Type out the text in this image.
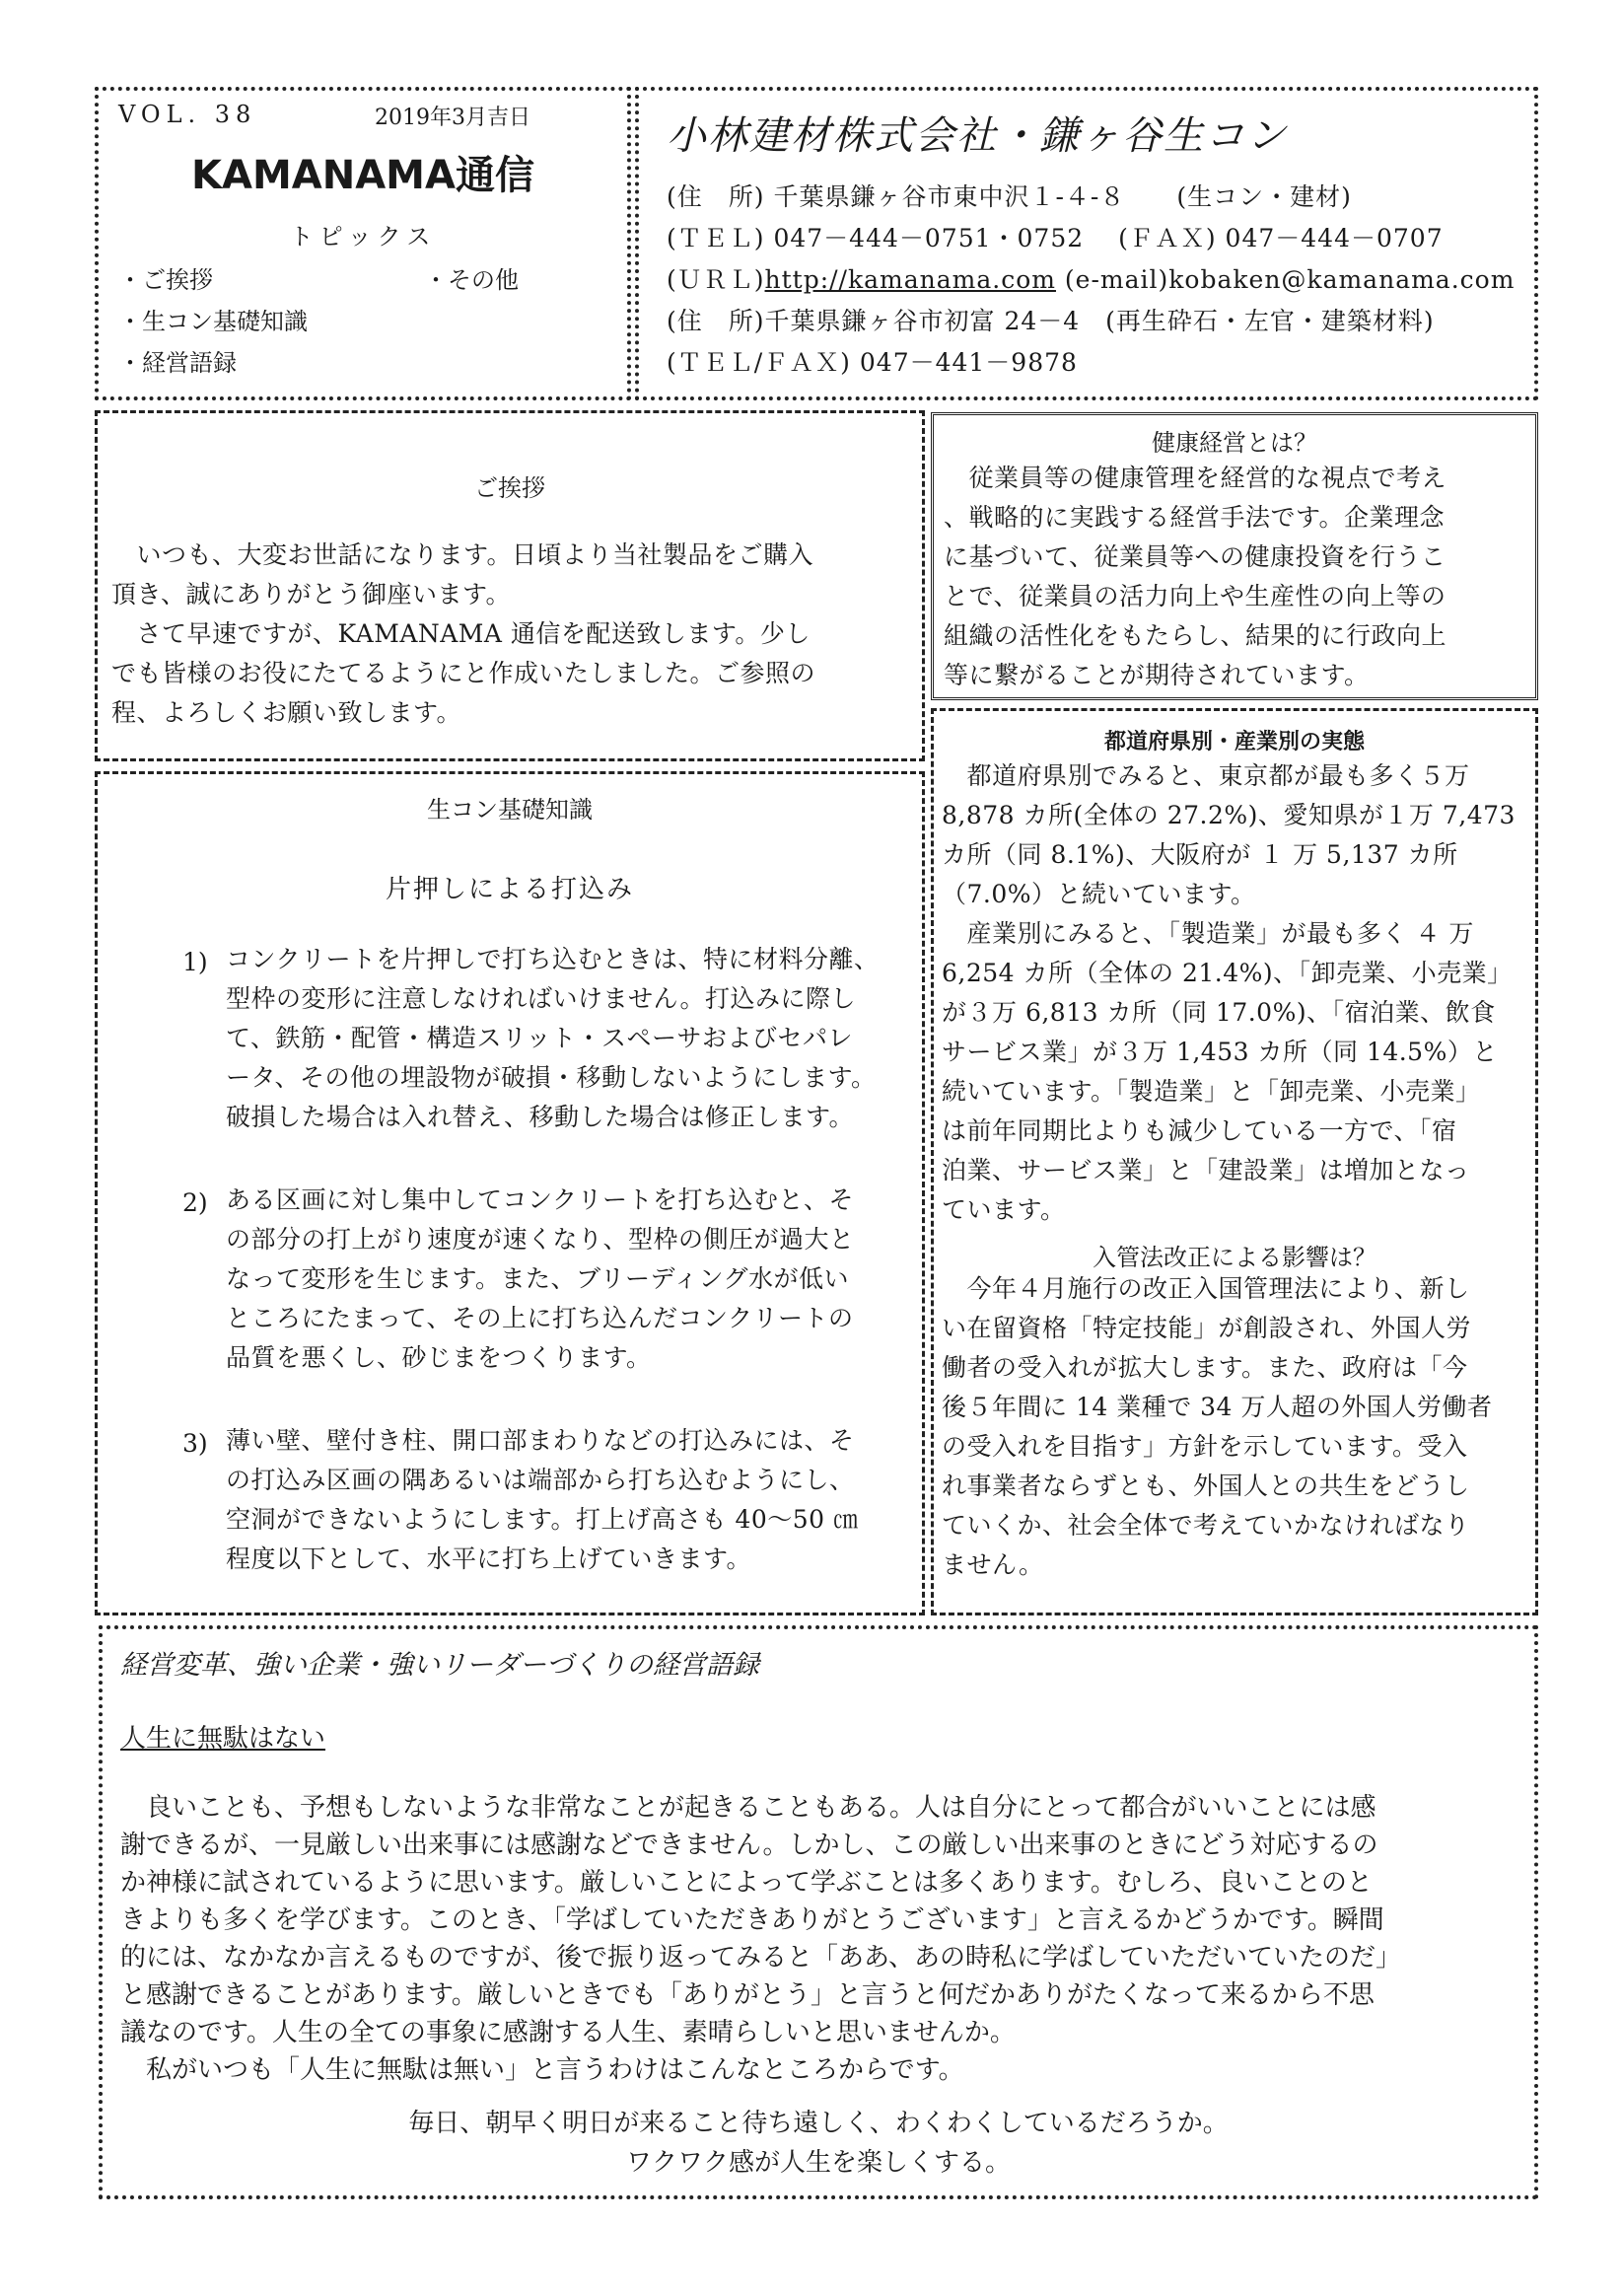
VOL. 38	2019年3月吉日
KAMANAMA通信
トピックス
・ご挨拶	・その他
・生コン基礎知識
・経営語録
小林建材株式会社・鎌ヶ谷生コン
(住　所) 千葉県鎌ヶ谷市東中沢１-４-８　　(生コン・建材)
(ＴＥＬ) 047－444－0751・0752　 (ＦＡＸ) 047－444－0707
(ＵＲＬ)http://kamanama.com (e-mail)kobaken@kamanama.com
(住　所)千葉県鎌ヶ谷市初富 24－4　(再生砕石・左官・建築材料)
(ＴＥＬ/ＦＡＸ) 047－441－9878
ご挨拶
　いつも、大変お世話になります。日頃より当社製品をご購入
頂き、誠にありがとう御座います。
　さて早速ですが、KAMANAMA 通信を配送致します。少し
でも皆様のお役にたてるようにと作成いたしました。ご参照の
程、よろしくお願い致します。
健康経営とは？
　従業員等の健康管理を経営的な視点で考え
、戦略的に実践する経営手法です。企業理念
に基づいて、従業員等への健康投資を行うこ
とで、従業員の活力向上や生産性の向上等の
組織の活性化をもたらし、結果的に行政向上
等に繋がることが期待されています。
生コン基礎知識
片押しによる打込み
1) コンクリートを片押しで打ち込むときは、特に材料分離、
型枠の変形に注意しなければいけません。打込みに際し
て、鉄筋・配管・構造スリット・スペーサおよびセパレ
ータ、その他の埋設物が破損・移動しないようにします。
破損した場合は入れ替え、移動した場合は修正します。
2) ある区画に対し集中してコンクリートを打ち込むと、そ
の部分の打上がり速度が速くなり、型枠の側圧が過大と
なって変形を生じます。また、ブリーディング水が低い
ところにたまって、その上に打ち込んだコンクリートの
品質を悪くし、砂じまをつくります。
3) 薄い壁、壁付き柱、開口部まわりなどの打込みには、そ
の打込み区画の隅あるいは端部から打ち込むようにし、
空洞ができないようにします。打上げ高さも 40～50 ㎝
程度以下として、水平に打ち上げていきます。
都道府県別・産業別の実態
　都道府県別でみると、東京都が最も多く５万
8,878 カ所(全体の 27.2%)、愛知県が１万 7,473
カ所（同 8.1%)、大阪府が １ 万 5,137 カ所
（7.0%）と続いています。
　産業別にみると、「製造業」が最も多く ４ 万
6,254 カ所（全体の 21.4%)、「卸売業、小売業」
が３万 6,813 カ所（同 17.0%)、「宿泊業、飲食
サービス業」が３万 1,453 カ所（同 14.5%）と
続いています。「製造業」と「卸売業、小売業」
は前年同期比よりも減少している一方で、「宿
泊業、サービス業」と「建設業」は増加となっ
ています。
入管法改正による影響は？
　今年４月施行の改正入国管理法により、新し
い在留資格「特定技能」が創設され、外国人労
働者の受入れが拡大します。また、政府は「今
後５年間に 14 業種で 34 万人超の外国人労働者
の受入れを目指す」方針を示しています。受入
れ事業者ならずとも、外国人との共生をどうし
ていくか、社会全体で考えていかなければなり
ません。
経営変革、強い企業・強いリーダーづくりの経営語録
人生に無駄はない
　良いことも、予想もしないような非常なことが起きることもある。人は自分にとって都合がいいことには感
謝できるが、一見厳しい出来事には感謝などできません。しかし、この厳しい出来事のときにどう対応するの
か神様に試されているように思います。厳しいことによって学ぶことは多くあります。むしろ、良いことのと
きよりも多くを学びます。このとき、「学ばしていただきありがとうございます」と言えるかどうかです。瞬間
的には、なかなか言えるものですが、後で振り返ってみると「ああ、あの時私に学ばしていただいていたのだ」
と感謝できることがあります。厳しいときでも「ありがとう」と言うと何だかありがたくなって来るから不思
議なのです。人生の全ての事象に感謝する人生、素晴らしいと思いませんか。
　私がいつも「人生に無駄は無い」と言うわけはこんなところからです。
毎日、朝早く明日が来ること待ち遠しく、わくわくしているだろうか。
ワクワク感が人生を楽しくする。
